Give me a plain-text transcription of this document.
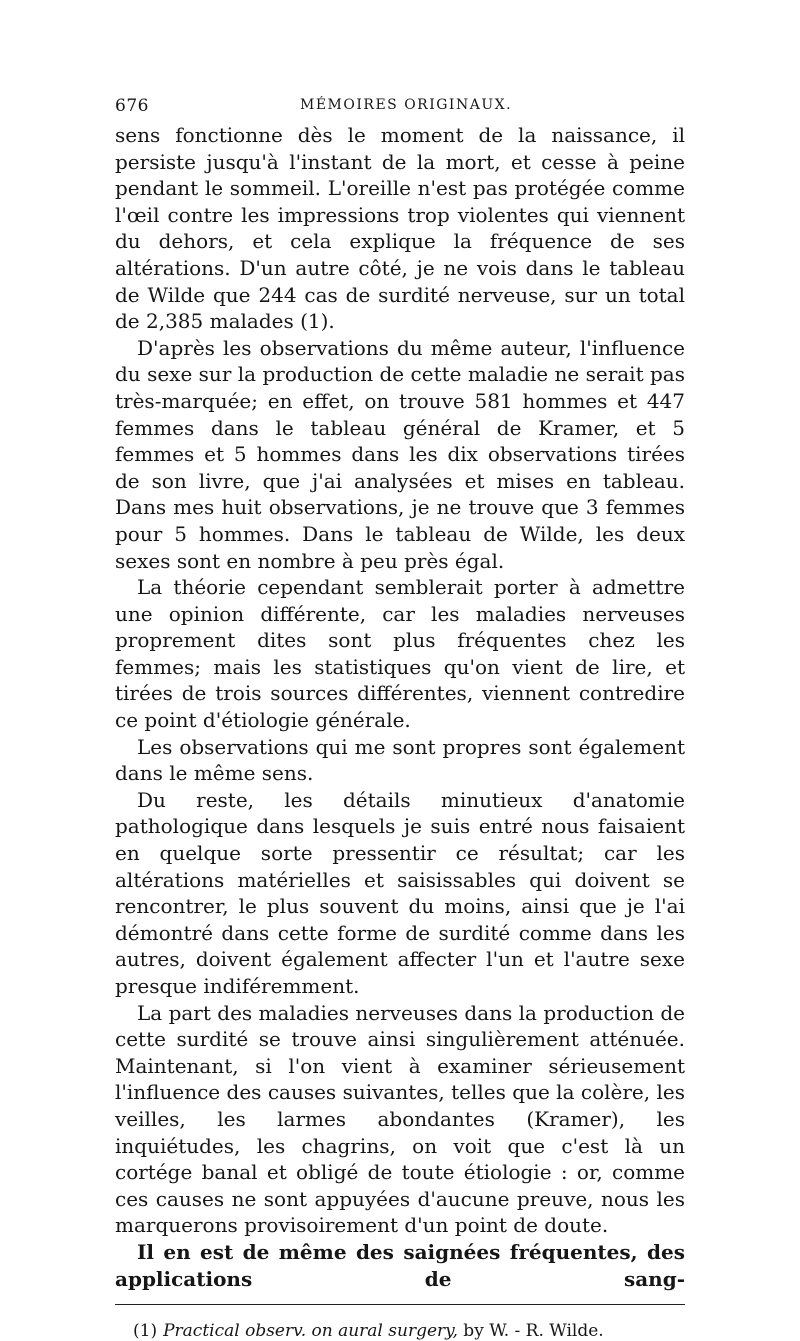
676	MÉMOIRES ORIGINAUX.

sens fonctionne dès le moment de la naissance, il persiste jusqu'à l'instant de la mort, et cesse à peine pendant le sommeil. L'oreille n'est pas protégée comme l'œil contre les impressions trop violentes qui viennent du dehors, et cela explique la fréquence de ses altérations. D'un autre côté, je ne vois dans le tableau de Wilde que 244 cas de surdité nerveuse, sur un total de 2,385 malades (1).

D'après les observations du même auteur, l'influence du sexe sur la production de cette maladie ne serait pas très-marquée; en effet, on trouve 581 hommes et 447 femmes dans le tableau général de Kramer, et 5 femmes et 5 hommes dans les dix observations tirées de son livre, que j'ai analysées et mises en tableau. Dans mes huit observations, je ne trouve que 3 femmes pour 5 hommes. Dans le tableau de Wilde, les deux sexes sont en nombre à peu près égal.

La théorie cependant semblerait porter à admettre une opinion différente, car les maladies nerveuses proprement dites sont plus fréquentes chez les femmes; mais les statistiques qu'on vient de lire, et tirées de trois sources différentes, viennent contredire ce point d'étiologie générale.

Les observations qui me sont propres sont également dans le même sens.

Du reste, les détails minutieux d'anatomie pathologique dans lesquels je suis entré nous faisaient en quelque sorte pressentir ce résultat; car les altérations matérielles et saisissables qui doivent se rencontrer, le plus souvent du moins, ainsi que je l'ai démontré dans cette forme de surdité comme dans les autres, doivent également affecter l'un et l'autre sexe presque indiféremment.

La part des maladies nerveuses dans la production de cette surdité se trouve ainsi singulièrement atténuée. Maintenant, si l'on vient à examiner sérieusement l'influence des causes suivantes, telles que la colère, les veilles, les larmes abondantes (Kramer), les inquiétudes, les chagrins, on voit que c'est là un cortége banal et obligé de toute étiologie : or, comme ces causes ne sont appuyées d'aucune preuve, nous les marquerons provisoirement d'un point de doute.

Il en est de même des saignées fréquentes, des applications de sang-

(1) Practical observ. on aural surgery, by W. - R. Wilde.
